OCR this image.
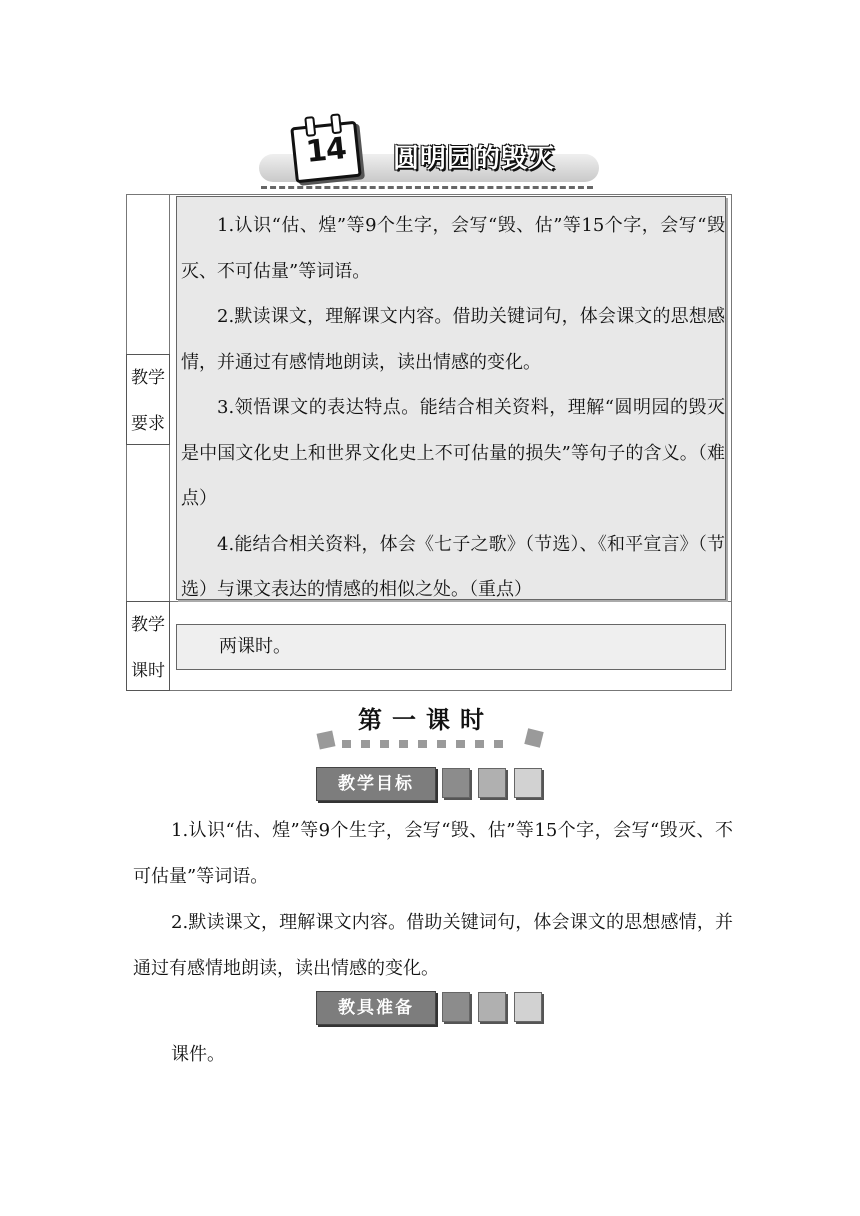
14	圆明园的毁灭
教学
要求

1.认识“估、煌”等9个生字，会写“毁、估”等15个字，会写“毁灭、不可估量”等词语。

2.默读课文，理解课文内容。借助关键词句，体会课文的思想感情，并通过有感情地朗读，读出情感的变化。

3.领悟课文的表达特点。能结合相关资料，理解“圆明园的毁灭是中国文化史上和世界文化史上不可估量的损失”等句子的含义。（难点）

4.能结合相关资料，体会《七子之歌》（节选）、《和平宣言》（节选）与课文表达的情感的相似之处。（重点）

教学
课时
两课时。
第一课时
教学目标

1.认识“估、煌”等9个生字，会写“毁、估”等15个字，会写“毁灭、不可估量”等词语。

2.默读课文，理解课文内容。借助关键词句，体会课文的思想感情，并通过有感情地朗读，读出情感的变化。

教具准备

课件。
